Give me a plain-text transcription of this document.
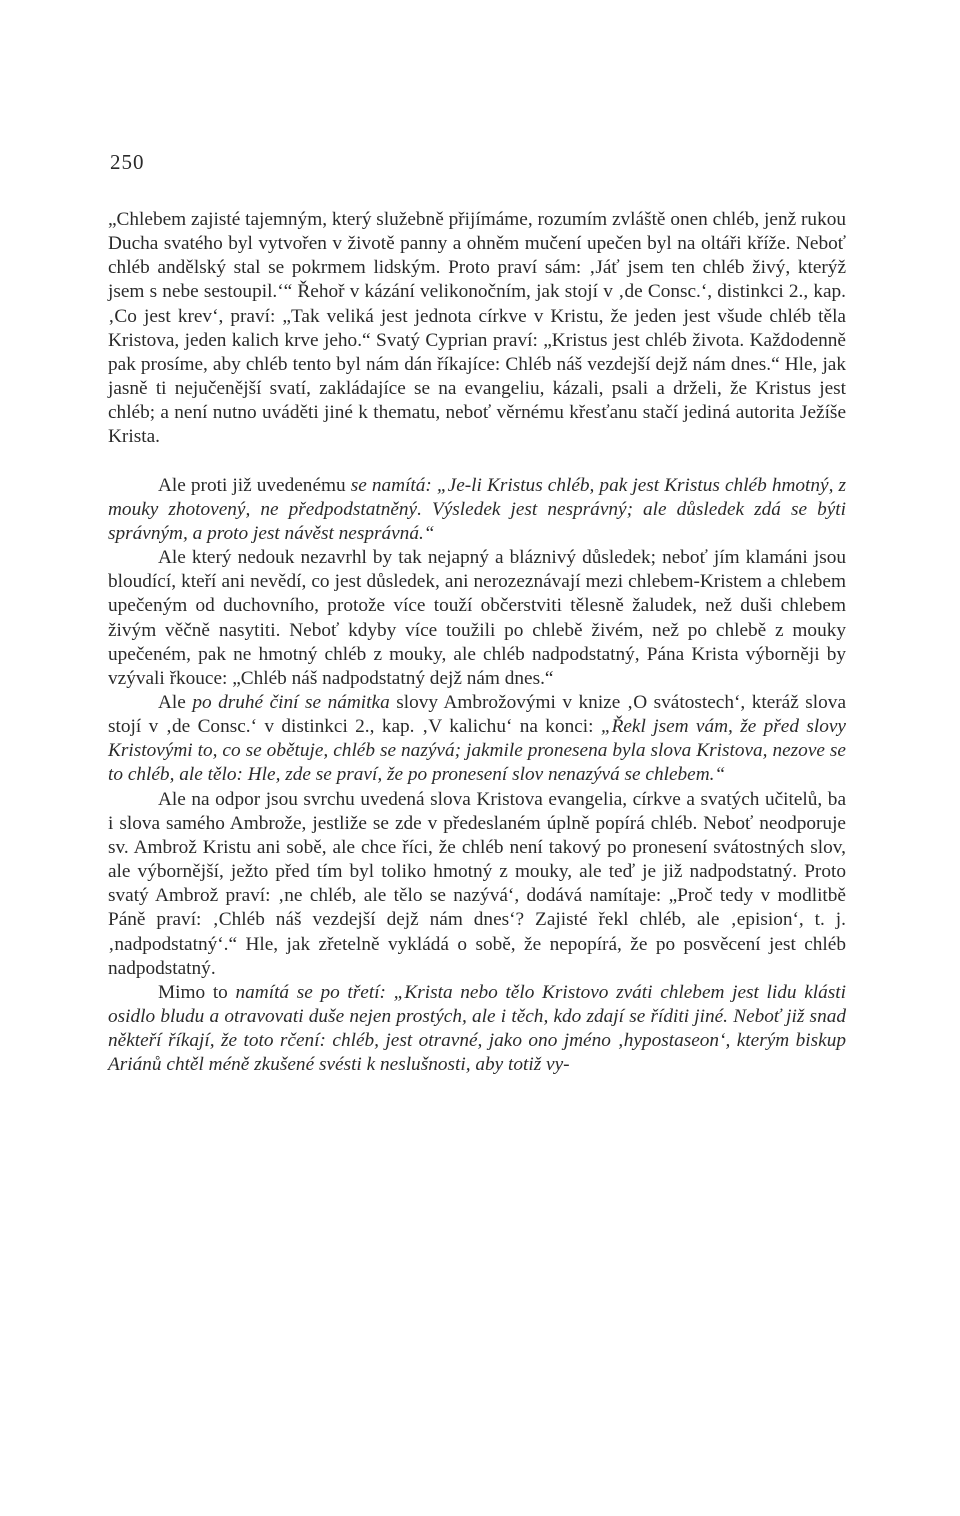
250

„Chlebem zajisté tajemným, který služebně přijímáme, rozumím zvláště onen chléb, jenž rukou Ducha svatého byl vytvořen v životě panny a ohněm mučení upečen byl na oltáři kříže. Neboť chléb andělský stal se pokrmem lidským. Proto praví sám: ‚Jáť jsem ten chléb živý, kterýž jsem s nebe sestoupil.‘“ Řehoř v kázání velikonočním, jak stojí v ‚de Consc.‘, distinkci 2., kap. ‚Co jest krev‘, praví: „Tak veliká jest jednota církve v Kristu, že jeden jest všude chléb těla Kristova, jeden kalich krve jeho.“ Svatý Cyprian praví: „Kristus jest chléb života. Každodenně pak prosíme, aby chléb tento byl nám dán říkajíce: Chléb náš vezdejší dejž nám dnes.“ Hle, jak jasně ti nejučenější svatí, zakládajíce se na evangeliu, kázali, psali a drželi, že Kristus jest chléb; a není nutno uváděti jiné k thematu, neboť věrnému křesťanu stačí jediná autorita Ježíše Krista.

Ale proti již uvedenému se namítá: „Je-li Kristus chléb, pak jest Kristus chléb hmotný, z mouky zhotovený, ne předpodstatněný. Výsledek jest nesprávný; ale důsledek zdá se býti správným, a proto jest návěst nesprávná.“

Ale který nedouk nezavrhl by tak nejapný a bláznivý důsledek; neboť jím klamáni jsou bloudící, kteří ani nevědí, co jest důsledek, ani nerozeznávají mezi chlebem-Kristem a chlebem upečeným od duchovního, protože více touží občerstviti tělesně žaludek, než duši chlebem živým věčně nasytiti. Neboť kdyby více toužili po chlebě živém, než po chlebě z mouky upečeném, pak ne hmotný chléb z mouky, ale chléb nadpodstatný, Pána Krista výborněji by vzývali řkouce: „Chléb náš nadpodstatný dejž nám dnes.“

Ale po druhé činí se námitka slovy Ambrožovými v knize ‚O svátostech‘, kteráž slova stojí v ‚de Consc.‘ v distinkci 2., kap. ‚V kalichu‘ na konci: „Řekl jsem vám, že před slovy Kristovými to, co se obětuje, chléb se nazývá; jakmile pronesena byla slova Kristova, nezove se to chléb, ale tělo: Hle, zde se praví, že po pronesení slov nenazývá se chlebem.“

Ale na odpor jsou svrchu uvedená slova Kristova evangelia, církve a svatých učitelů, ba i slova samého Ambrože, jestliže se zde v předeslaném úplně popírá chléb. Neboť neodporuje sv. Ambrož Kristu ani sobě, ale chce říci, že chléb není takový po pronesení svátostných slov, ale výbornější, ježto před tím byl toliko hmotný z mouky, ale teď je již nadpodstatný. Proto svatý Ambrož praví: ‚ne chléb, ale tělo se nazývá‘, dodává namítaje: „Proč tedy v modlitbě Páně praví: ‚Chléb náš vezdejší dejž nám dnes‘? Zajisté řekl chléb, ale ‚epision‘, t. j. ‚nadpodstatný‘.“ Hle, jak zřetelně vykládá o sobě, že nepopírá, že po posvěcení jest chléb nadpodstatný.

Mimo to namítá se po třetí: „Krista nebo tělo Kristovo zváti chlebem jest lidu klásti osidlo bludu a otravovati duše nejen prostých, ale i těch, kdo zdají se říditi jiné. Neboť již snad někteří říkají, že toto rčení: chléb, jest otravné, jako ono jméno ‚hypostaseon‘, kterým biskup Ariánů chtěl méně zkušené svésti k neslušnosti, aby totiž vy-
